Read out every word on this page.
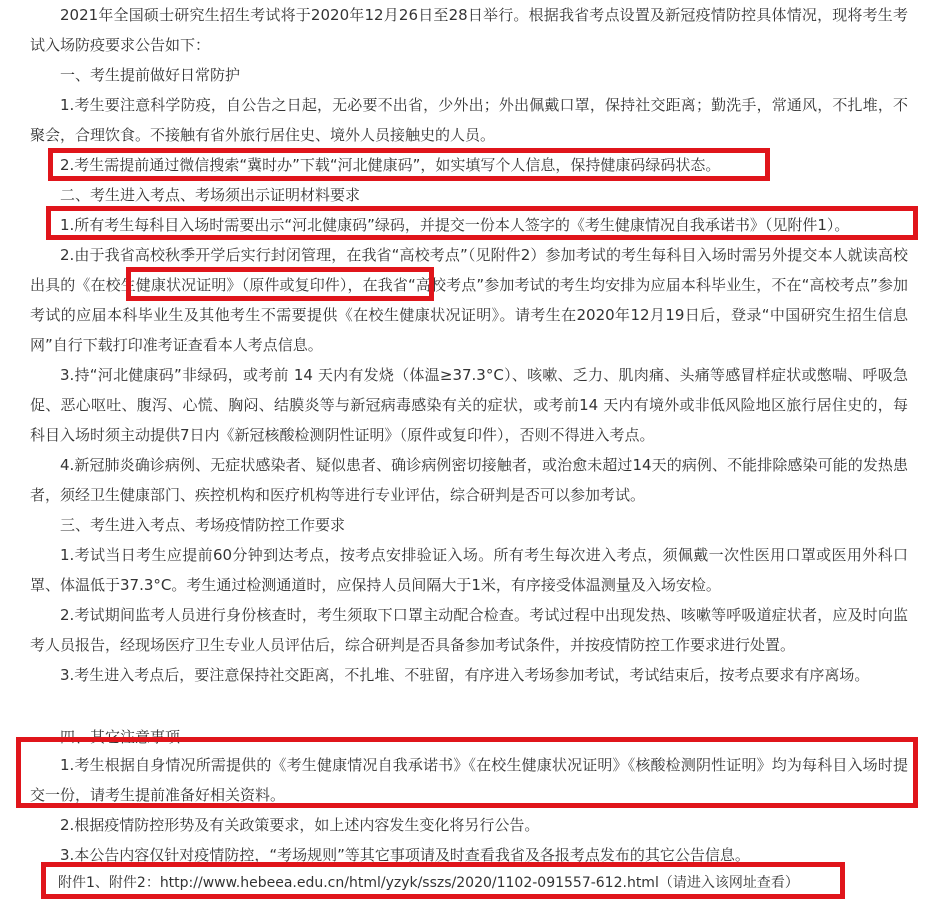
2021年全国硕士研究生招生考试将于2020年12月26日至28日举行。根据我省考点设置及新冠疫情防控具体情况，现将考生考试入场防疫要求公告如下：

一、考生提前做好日常防护

1.考生要注意科学防疫，自公告之日起，无必要不出省，少外出；外出佩戴口罩，保持社交距离；勤洗手，常通风，不扎堆，不聚会，合理饮食。不接触有省外旅行居住史、境外人员接触史的人员。

2.考生需提前通过微信搜索“冀时办”下载“河北健康码”，如实填写个人信息，保持健康码绿码状态。

二、考生进入考点、考场须出示证明材料要求

1.所有考生每科目入场时需要出示“河北健康码”绿码，并提交一份本人签字的《考生健康情况自我承诺书》（见附件1）。

2.由于我省高校秋季开学后实行封闭管理，在我省“高校考点”（见附件2）参加考试的考生每科目入场时需另外提交本人就读高校出具的《在校生健康状况证明》（原件或复印件），在我省“高校考点”参加考试的考生均安排为应届本科毕业生，不在“高校考点”参加考试的应届本科毕业生及其他考生不需要提供《在校生健康状况证明》。请考生在2020年12月19日后，登录“中国研究生招生信息网”自行下载打印准考证查看本人考点信息。

3.持“河北健康码”非绿码，或考前 14 天内有发烧（体温≥37.3°C）、咳嗽、乏力、肌肉痛、头痛等感冒样症状或憋喘、呼吸急促、恶心呕吐、腹泻、心慌、胸闷、结膜炎等与新冠病毒感染有关的症状，或考前14 天内有境外或非低风险地区旅行居住史的，每科目入场时须主动提供7日内《新冠核酸检测阴性证明》（原件或复印件），否则不得进入考点。

4.新冠肺炎确诊病例、无症状感染者、疑似患者、确诊病例密切接触者，或治愈未超过14天的病例、不能排除感染可能的发热患者，须经卫生健康部门、疾控机构和医疗机构等进行专业评估，综合研判是否可以参加考试。

三、考生进入考点、考场疫情防控工作要求

1.考试当日考生应提前60分钟到达考点，按考点安排验证入场。所有考生每次进入考点，须佩戴一次性医用口罩或医用外科口罩、体温低于37.3°C。考生通过检测通道时，应保持人员间隔大于1米，有序接受体温测量及入场安检。

2.考试期间监考人员进行身份核查时，考生须取下口罩主动配合检查。考试过程中出现发热、咳嗽等呼吸道症状者，应及时向监考人员报告，经现场医疗卫生专业人员评估后，综合研判是否具备参加考试条件，并按疫情防控工作要求进行处置。

3.考生进入考点后，要注意保持社交距离，不扎堆、不驻留，有序进入考场参加考试，考试结束后，按考点要求有序离场。

四、其它注意事项

1.考生根据自身情况所需提供的《考生健康情况自我承诺书》《在校生健康状况证明》《核酸检测阴性证明》均为每科目入场时提交一份，请考生提前准备好相关资料。

2.根据疫情防控形势及有关政策要求，如上述内容发生变化将另行公告。

3.本公告内容仅针对疫情防控，“考场规则”等其它事项请及时查看我省及各报考点发布的其它公告信息。

附件1、附件2：http://www.hebeea.edu.cn/html/yzyk/sszs/2020/1102-091557-612.html（请进入该网址查看）
